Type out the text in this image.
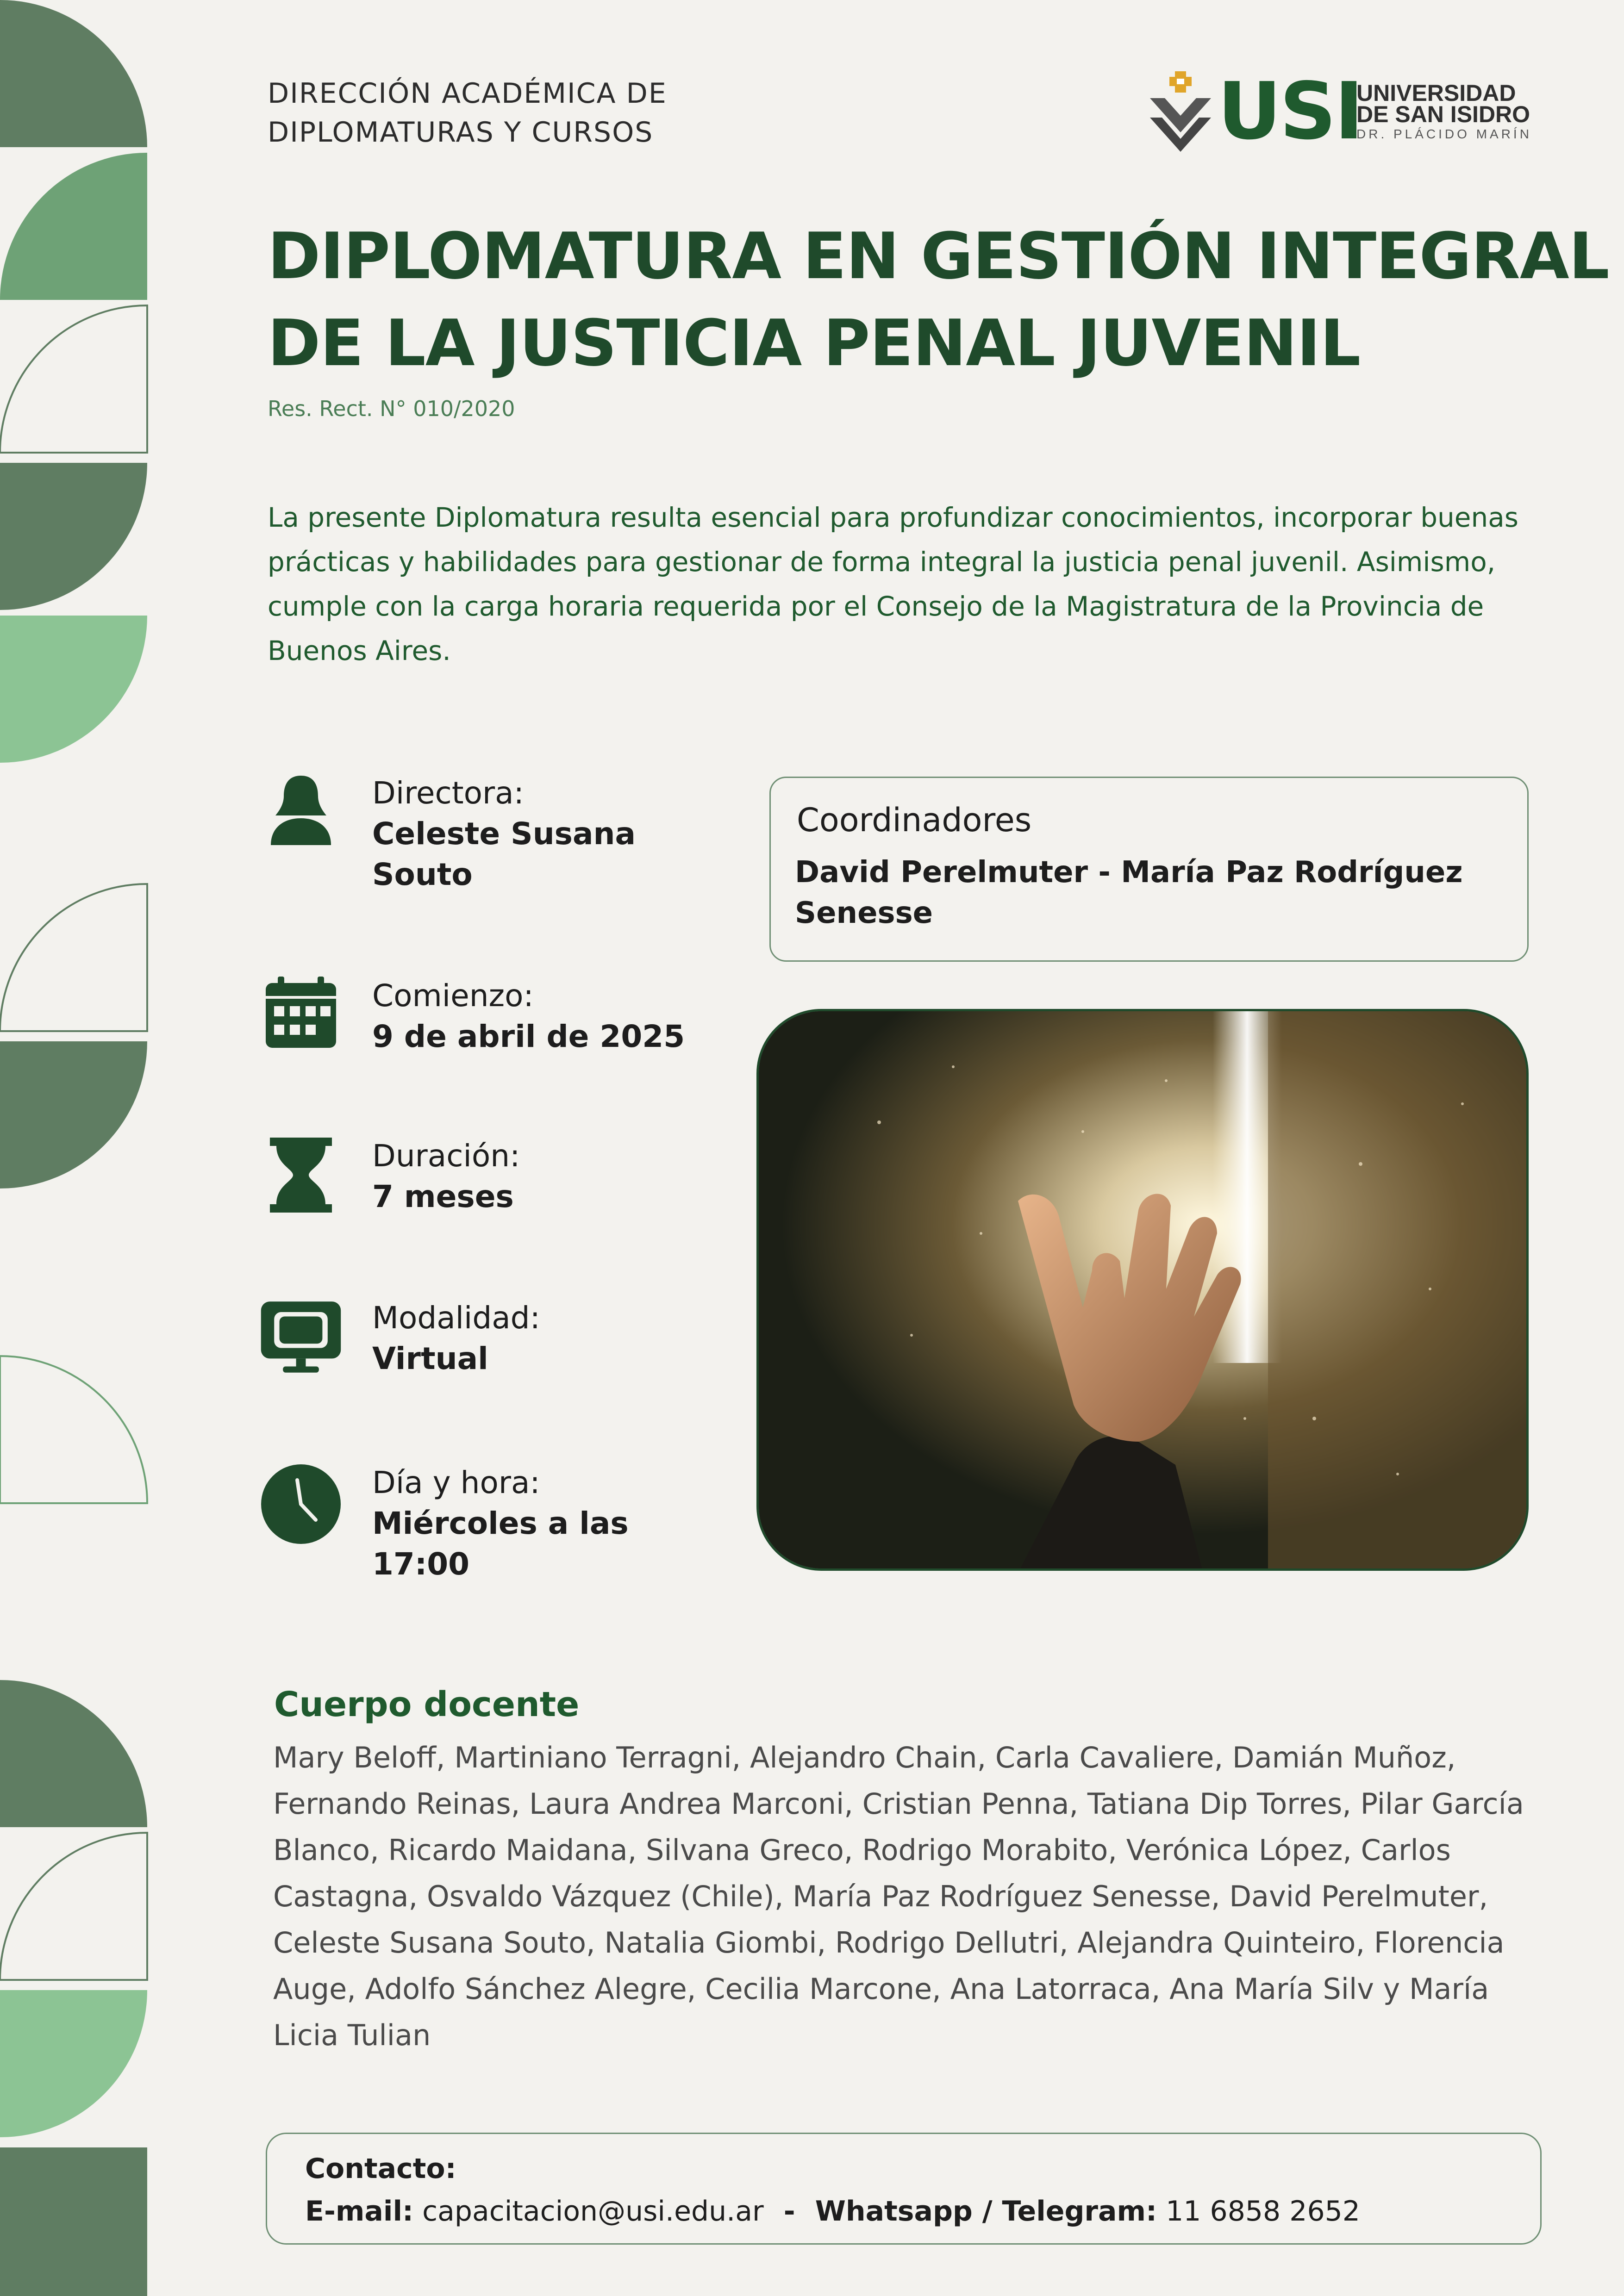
DIRECCIÓN ACADÉMICA DE
DIPLOMATURAS Y CURSOS	USI
UNIVERSIDAD
DE SAN ISIDRO
DR. PLÁCIDO MARÍN
DIPLOMATURA EN GESTIÓN INTEGRAL
DE LA JUSTICIA PENAL JUVENIL
Res. Rect. N° 010/2020
La presente Diplomatura resulta esencial para profundizar conocimientos, incorporar buenas prácticas y habilidades para gestionar de forma integral la justicia penal juvenil. Asimismo, cumple con la carga horaria requerida por el Consejo de la Magistratura de la Provincia de Buenos Aires.
Directora:
Celeste Susana Souto
Comienzo:
9 de abril de 2025
Duración:
7 meses
Modalidad:
Virtual
Día y hora:
Miércoles a las 17:00
Coordinadores
David Perelmuter - María Paz Rodríguez Senesse
Cuerpo docente
Mary Beloff, Martiniano Terragni, Alejandro Chain, Carla Cavaliere, Damián Muñoz, Fernando Reinas, Laura Andrea Marconi, Cristian Penna, Tatiana Dip Torres, Pilar García Blanco, Ricardo Maidana, Silvana Greco, Rodrigo Morabito, Verónica López, Carlos Castagna, Osvaldo Vázquez (Chile), María Paz Rodríguez Senesse, David Perelmuter, Celeste Susana Souto, Natalia Giombi, Rodrigo Dellutri, Alejandra Quinteiro, Florencia Auge, Adolfo Sánchez Alegre, Cecilia Marcone, Ana Latorraca, Ana María Silv y María Licia Tulian
Contacto:
E-mail: capacitacion@usi.edu.ar - Whatsapp / Telegram: 11 6858 2652
